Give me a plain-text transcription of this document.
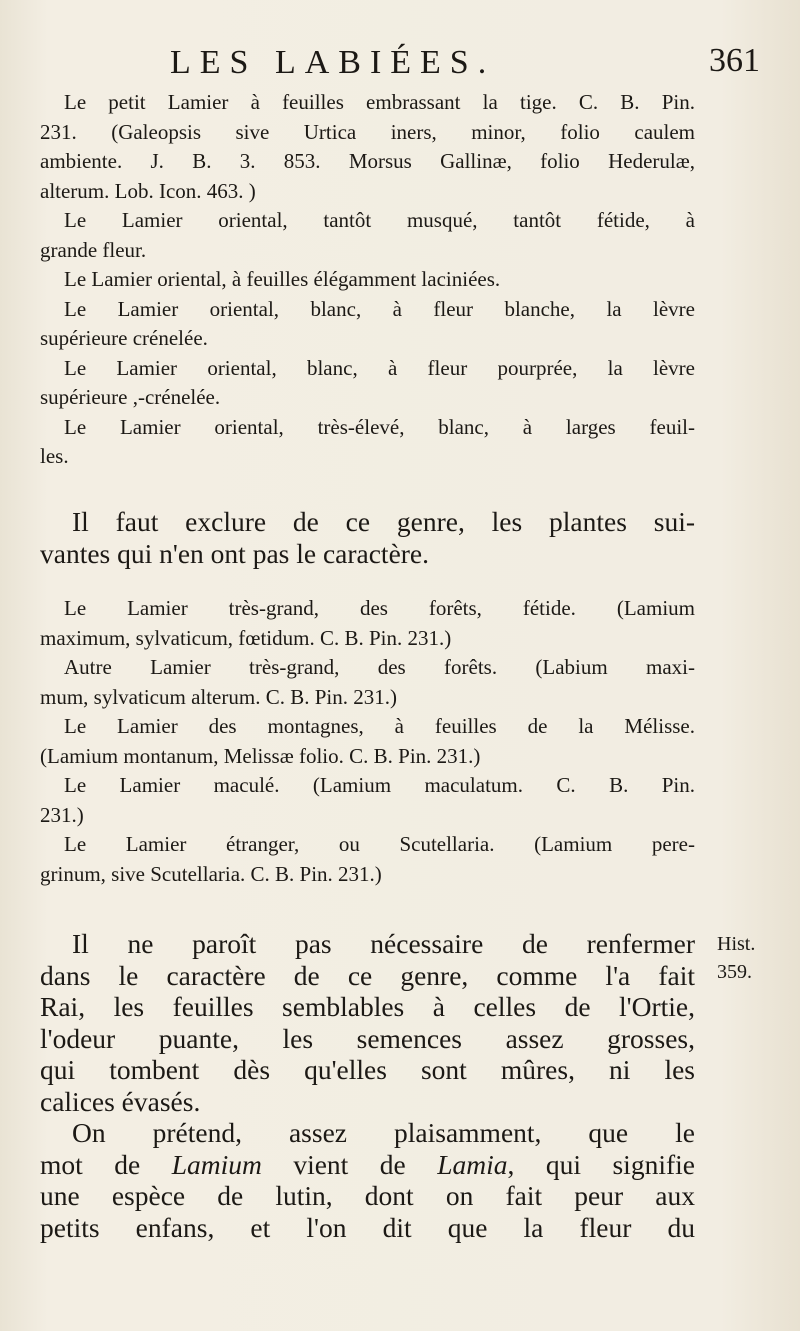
LES LABIÉES.	361
Le petit Lamier à feuilles embrassant la tige. C. B. Pin.
231. (Galeopsis sive Urtica iners, minor, folio caulem
ambiente. J. B. 3. 853. Morsus Gallinæ, folio Hederulæ,
alterum. Lob. Icon. 463. )
Le Lamier oriental, tantôt musqué, tantôt fétide, à
grande fleur.
Le Lamier oriental, à feuilles élégamment laciniées.
Le Lamier oriental, blanc, à fleur blanche, la lèvre
supérieure crénelée.
Le Lamier oriental, blanc, à fleur pourprée, la lèvre
supérieure ,-crénelée.
Le Lamier oriental, très-élevé, blanc, à larges feuil-
les.
Il faut exclure de ce genre, les plantes sui-
vantes qui n'en ont pas le caractère.
Le Lamier très-grand, des forêts, fétide. (Lamium
maximum, sylvaticum, fœtidum. C. B. Pin. 231.)
Autre Lamier très-grand, des forêts. (Labium maxi-
mum, sylvaticum alterum. C. B. Pin. 231.)
Le Lamier des montagnes, à feuilles de la Mélisse.
(Lamium montanum, Melissæ folio. C. B. Pin. 231.)
Le Lamier maculé. (Lamium maculatum. C. B. Pin.
231.)
Le Lamier étranger, ou Scutellaria. (Lamium pere-
grinum, sive Scutellaria. C. B. Pin. 231.)
Il ne paroît pas nécessaire de renfermer
dans le caractère de ce genre, comme l'a fait
Rai, les feuilles semblables à celles de l'Ortie,
l'odeur puante, les semences assez grosses,
qui tombent dès qu'elles sont mûres, ni les
calices évasés.
On prétend, assez plaisamment, que le
mot de Lamium vient de Lamia, qui signifie
une espèce de lutin, dont on fait peur aux
petits enfans, et l'on dit que la fleur du
Hist.
359.
